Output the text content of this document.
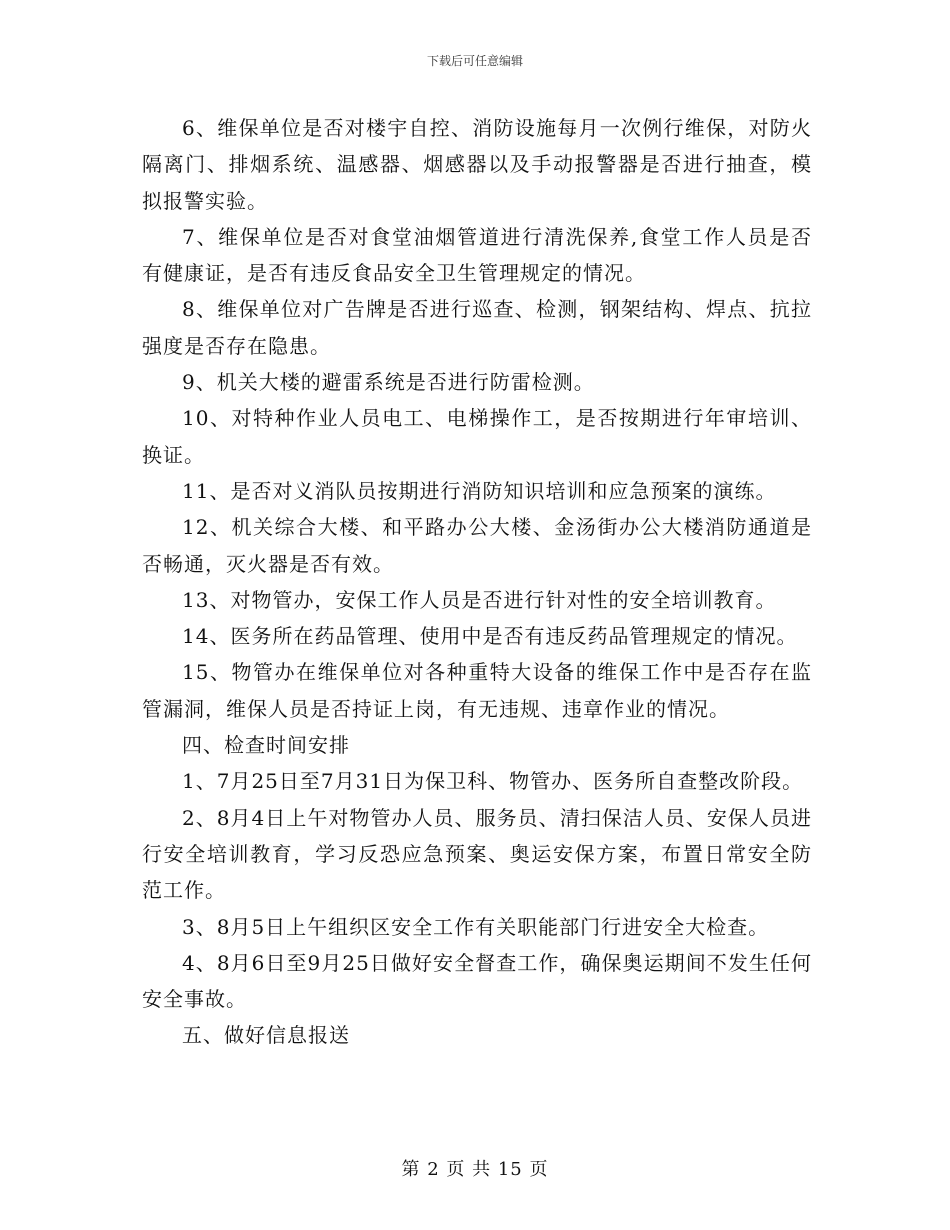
下载后可任意编辑

6、维保单位是否对楼宇自控、消防设施每月一次例行维保，对防火隔离门、排烟系统、温感器、烟感器以及手动报警器是否进行抽查，模拟报警实验。

7、维保单位是否对食堂油烟管道进行清洗保养,食堂工作人员是否有健康证，是否有违反食品安全卫生管理规定的情况。

8、维保单位对广告牌是否进行巡查、检测，钢架结构、焊点、抗拉强度是否存在隐患。

9、机关大楼的避雷系统是否进行防雷检测。

10、对特种作业人员电工、电梯操作工，是否按期进行年审培训、换证。

11、是否对义消队员按期进行消防知识培训和应急预案的演练。

12、机关综合大楼、和平路办公大楼、金汤街办公大楼消防通道是否畅通，灭火器是否有效。

13、对物管办，安保工作人员是否进行针对性的安全培训教育。

14、医务所在药品管理、使用中是否有违反药品管理规定的情况。

15、物管办在维保单位对各种重特大设备的维保工作中是否存在监管漏洞，维保人员是否持证上岗，有无违规、违章作业的情况。

四、检查时间安排

1、7月25日至7月31日为保卫科、物管办、医务所自查整改阶段。

2、8月4日上午对物管办人员、服务员、清扫保洁人员、安保人员进行安全培训教育，学习反恐应急预案、奥运安保方案，布置日常安全防范工作。

3、8月5日上午组织区安全工作有关职能部门行进安全大检查。

4、8月6日至9月25日做好安全督查工作，确保奥运期间不发生任何安全事故。

五、做好信息报送

第 2 页 共 15 页
